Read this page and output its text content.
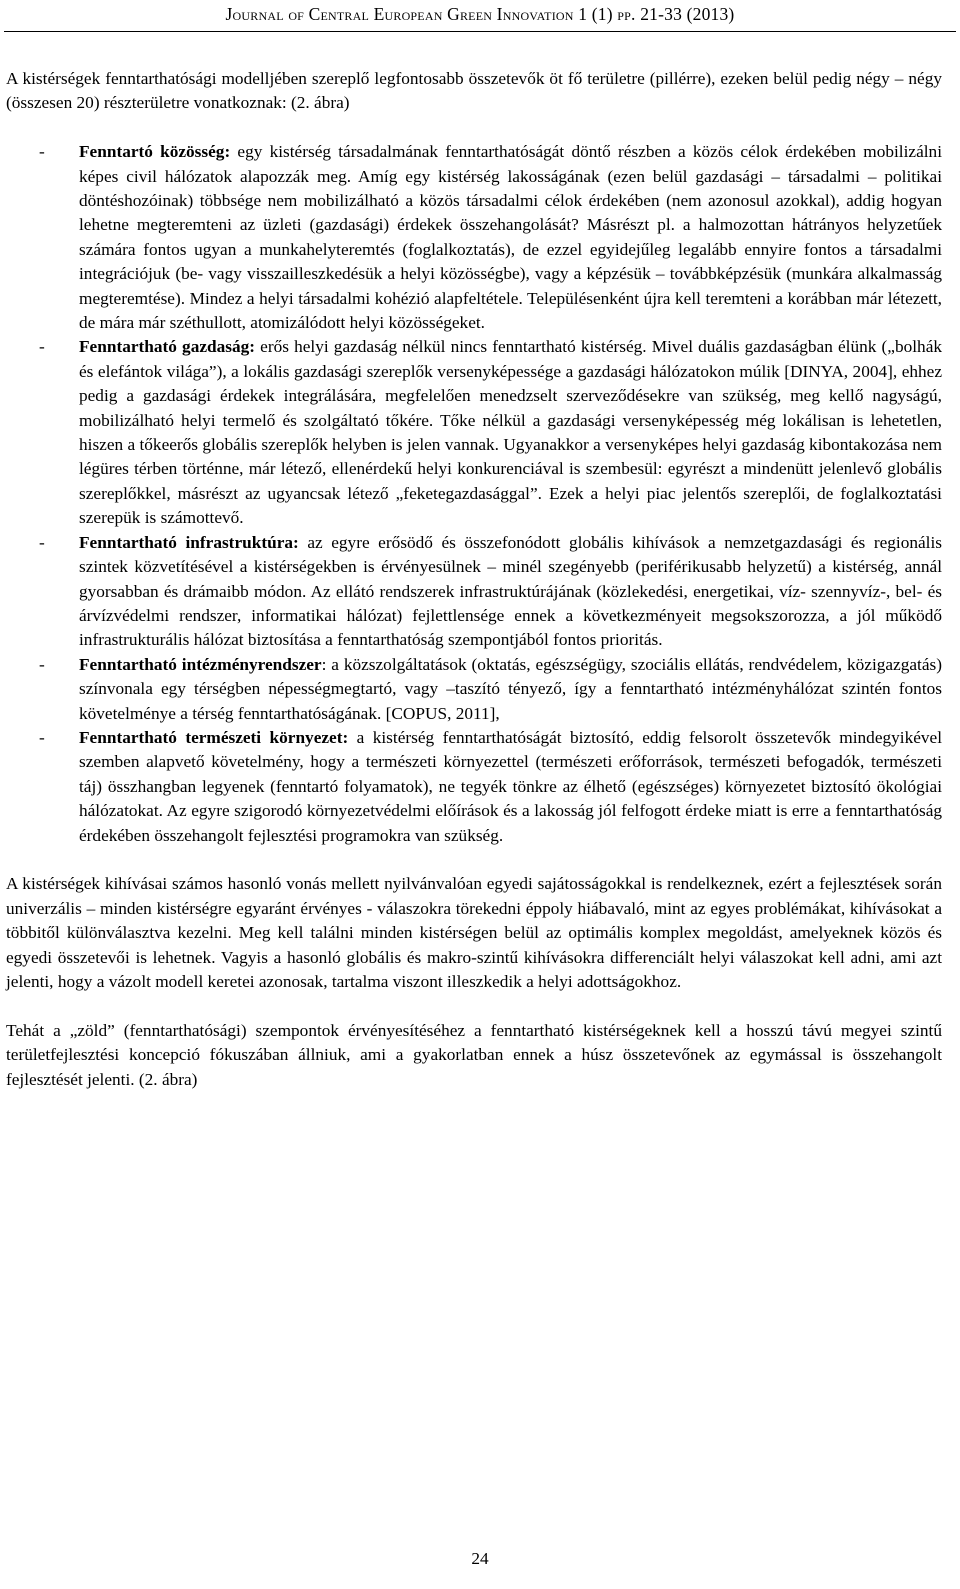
Journal of Central European Green Innovation 1 (1) pp. 21-33 (2013)

A kistérségek fenntarthatósági modelljében szereplő legfontosabb összetevők öt fő területre (pillérre), ezeken belül pedig négy – négy (összesen 20) részterületre vonatkoznak: (2. ábra)

- Fenntartó közösség: egy kistérség társadalmának fenntarthatóságát döntő részben a közös célok érdekében mobilizálni képes civil hálózatok alapozzák meg. Amíg egy kistérség lakosságának (ezen belül gazdasági – társadalmi – politikai döntéshozóinak) többsége nem mobilizálható a közös társadalmi célok érdekében (nem azonosul azokkal), addig hogyan lehetne megteremteni az üzleti (gazdasági) érdekek összehangolását? Másrészt pl. a halmozottan hátrányos helyzetűek számára fontos ugyan a munkahelyteremtés (foglalkoztatás), de ezzel egyidejűleg legalább ennyire fontos a társadalmi integrációjuk (be- vagy visszailleszkedésük a helyi közösségbe), vagy a képzésük – továbbképzésük (munkára alkalmasság megteremtése). Mindez a helyi társadalmi kohézió alapfeltétele. Településenként újra kell teremteni a korábban már létezett, de mára már széthullott, atomizálódott helyi közösségeket.
- Fenntartható gazdaság: erős helyi gazdaság nélkül nincs fenntartható kistérség. Mivel duális gazdaságban élünk („bolhák és elefántok világa”), a lokális gazdasági szereplők versenyképessége a gazdasági hálózatokon múlik [DINYA, 2004], ehhez pedig a gazdasági érdekek integrálására, megfelelően menedzselt szerveződésekre van szükség, meg kellő nagyságú, mobilizálható helyi termelő és szolgáltató tőkére. Tőke nélkül a gazdasági versenyképesség még lokálisan is lehetetlen, hiszen a tőkeerős globális szereplők helyben is jelen vannak. Ugyanakkor a versenyképes helyi gazdaság kibontakozása nem légüres térben történne, már létező, ellenérdekű helyi konkurenciával is szembesül: egyrészt a mindenütt jelenlevő globális szereplőkkel, másrészt az ugyancsak létező „feketegazdasággal”. Ezek a helyi piac jelentős szereplői, de foglalkoztatási szerepük is számottevő.
- Fenntartható infrastruktúra: az egyre erősödő és összefonódott globális kihívások a nemzetgazdasági és regionális szintek közvetítésével a kistérségekben is érvényesülnek – minél szegényebb (periférikusabb helyzetű) a kistérség, annál gyorsabban és drámaibb módon. Az ellátó rendszerek infrastruktúrájának (közlekedési, energetikai, víz- szennyvíz-, bel- és árvízvédelmi rendszer, informatikai hálózat) fejlettlensége ennek a következményeit megsokszorozza, a jól működő infrastrukturális hálózat biztosítása a fenntarthatóság szempontjából fontos prioritás.
- Fenntartható intézményrendszer: a közszolgáltatások (oktatás, egészségügy, szociális ellátás, rendvédelem, közigazgatás) színvonala egy térségben népességmegtartó, vagy –taszító tényező, így a fenntartható intézményhálózat szintén fontos követelménye a térség fenntarthatóságának. [COPUS, 2011],
- Fenntartható természeti környezet: a kistérség fenntarthatóságát biztosító, eddig felsorolt összetevők mindegyikével szemben alapvető követelmény, hogy a természeti környezettel (természeti erőforrások, természeti befogadók, természeti táj) összhangban legyenek (fenntartó folyamatok), ne tegyék tönkre az élhető (egészséges) környezetet biztosító ökológiai hálózatokat. Az egyre szigorodó környezetvédelmi előírások és a lakosság jól felfogott érdeke miatt is erre a fenntarthatóság érdekében összehangolt fejlesztési programokra van szükség.

A kistérségek kihívásai számos hasonló vonás mellett nyilvánvalóan egyedi sajátosságokkal is rendelkeznek, ezért a fejlesztések során univerzális – minden kistérségre egyaránt érvényes - válaszokra törekedni éppoly hiábavaló, mint az egyes problémákat, kihívásokat a többitől különválasztva kezelni. Meg kell találni minden kistérségen belül az optimális komplex megoldást, amelyeknek közös és egyedi összetevői is lehetnek. Vagyis a hasonló globális és makro-szintű kihívásokra differenciált helyi válaszokat kell adni, ami azt jelenti, hogy a vázolt modell keretei azonosak, tartalma viszont illeszkedik a helyi adottságokhoz.

Tehát a „zöld” (fenntarthatósági) szempontok érvényesítéséhez a fenntartható kistérségeknek kell a hosszú távú megyei szintű területfejlesztési koncepció fókuszában állniuk, ami a gyakorlatban ennek a húsz összetevőnek az egymással is összehangolt fejlesztését jelenti. (2. ábra)

24
